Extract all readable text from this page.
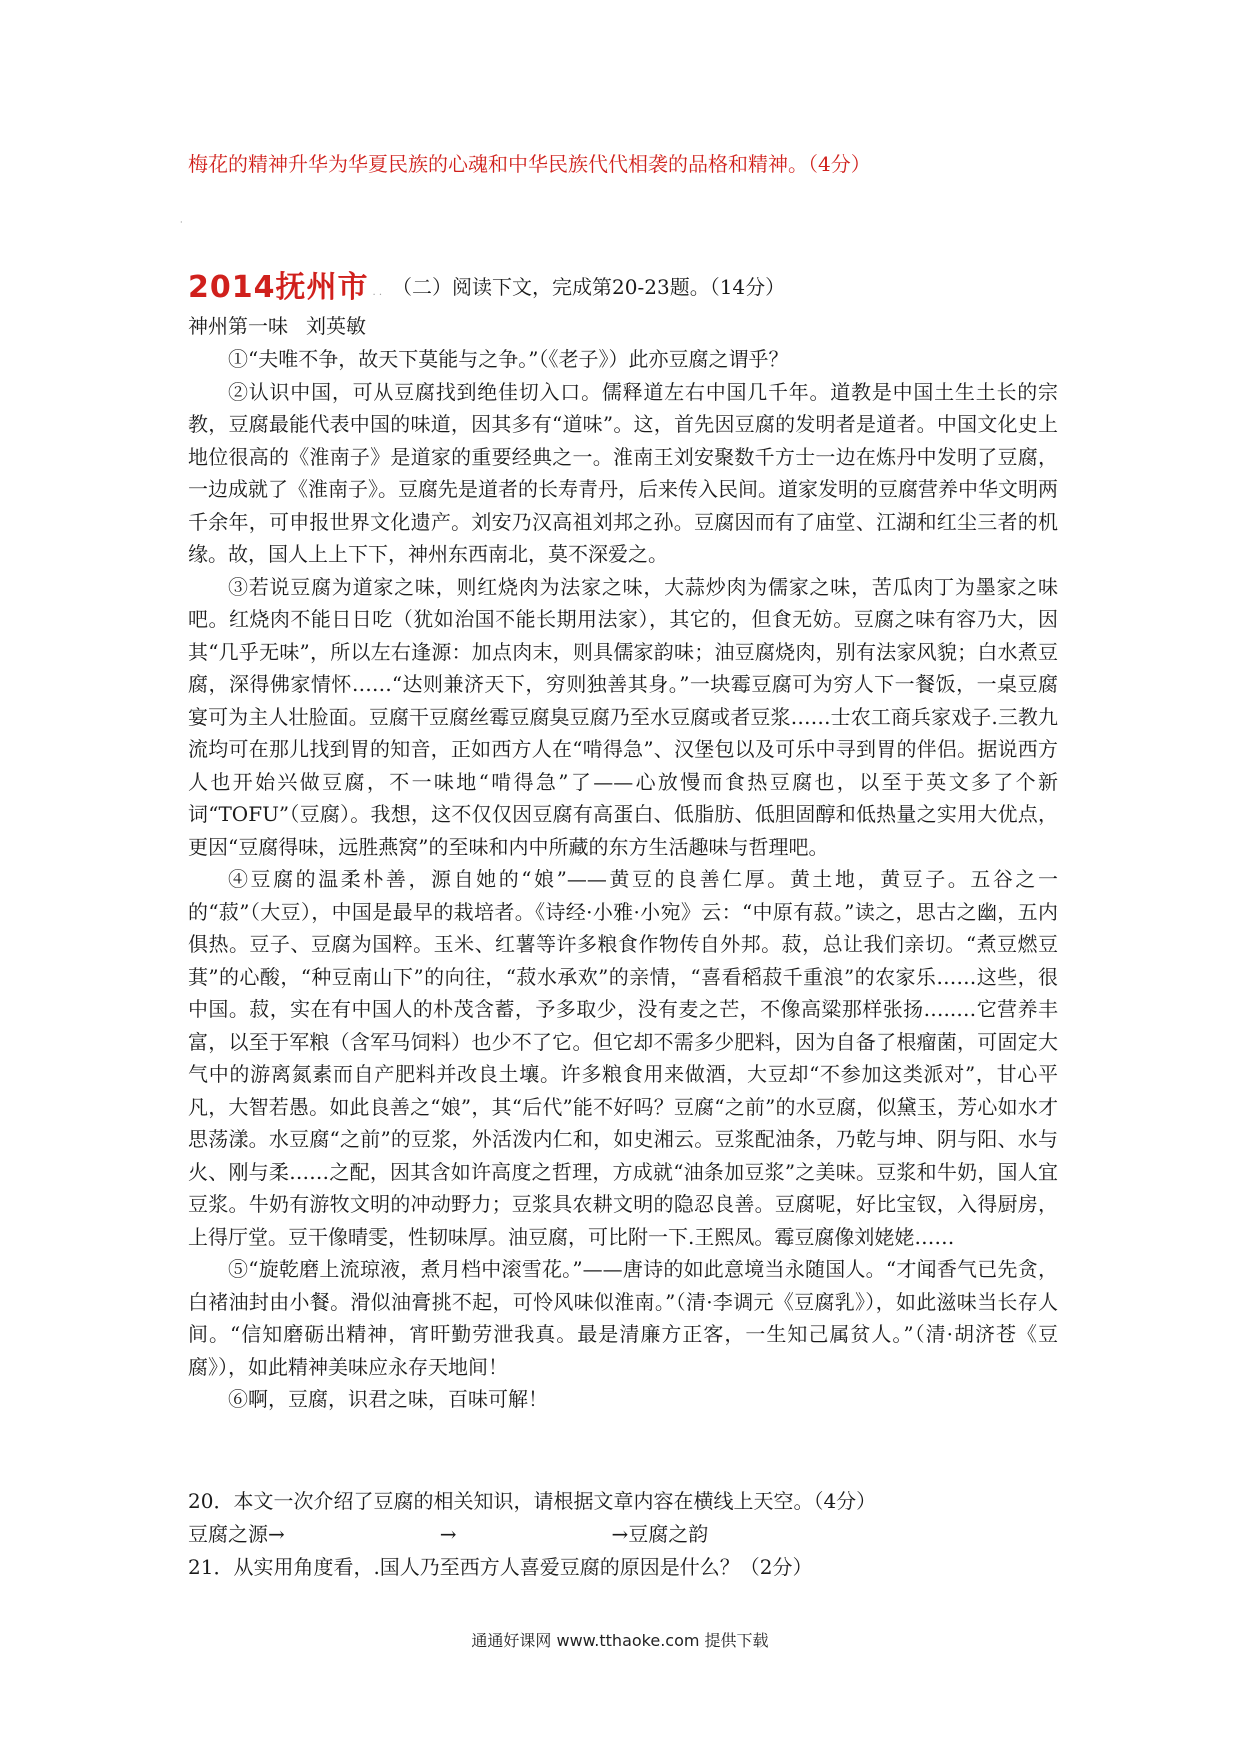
梅花的精神升华为华夏民族的心魂和中华民族代代相袭的品格和精神。（4分）
·
2014抚州市 . . （二）阅读下文，完成第20-23题。（14分）
神州第一味 刘英敏

①“夫唯不争，故天下莫能与之争。”（《老子》）此亦豆腐之谓乎？

②认识中国，可从豆腐找到绝佳切入口。儒释道左右中国几千年。道教是中国土生土长的宗教，豆腐最能代表中国的味道，因其多有“道味”。这，首先因豆腐的发明者是道者。中国文化史上地位很高的《淮南子》是道家的重要经典之一。淮南王刘安聚数千方士一边在炼丹中发明了豆腐，一边成就了《淮南子》。豆腐先是道者的长寿青丹，后来传入民间。道家发明的豆腐营养中华文明两千余年，可申报世界文化遗产。刘安乃汉高祖刘邦之孙。豆腐因而有了庙堂、江湖和红尘三者的机缘。故，国人上上下下，神州东西南北，莫不深爱之。

③若说豆腐为道家之味，则红烧肉为法家之味，大蒜炒肉为儒家之味，苦瓜肉丁为墨家之味吧。红烧肉不能日日吃（犹如治国不能长期用法家），其它的，但食无妨。豆腐之味有容乃大，因其“几乎无味”，所以左右逢源：加点肉末，则具儒家韵味；油豆腐烧肉，别有法家风貌；白水煮豆腐，深得佛家情怀……“达则兼济天下，穷则独善其身。”一块霉豆腐可为穷人下一餐饭，一桌豆腐宴可为主人壮脸面。豆腐干豆腐丝霉豆腐臭豆腐乃至水豆腐或者豆浆……士农工商兵家戏子.三教九流均可在那儿找到胃的知音，正如西方人在“啃得急”、汉堡包以及可乐中寻到胃的伴侣。据说西方人也开始兴做豆腐，不一味地“啃得急”了——心放慢而食热豆腐也，以至于英文多了个新词“TOFU”（豆腐）。我想，这不仅仅因豆腐有高蛋白、低脂肪、低胆固醇和低热量之实用大优点，更因“豆腐得味，远胜燕窝”的至味和内中所藏的东方生活趣味与哲理吧。

④豆腐的温柔朴善，源自她的“娘”——黄豆的良善仁厚。黄土地，黄豆子。五谷之一的“菽”（大豆），中国是最早的栽培者。《诗经·小雅·小宛》云：“中原有菽。”读之，思古之幽，五内俱热。豆子、豆腐为国粹。玉米、红薯等许多粮食作物传自外邦。菽，总让我们亲切。“煮豆燃豆萁”的心酸，“种豆南山下”的向往，“菽水承欢”的亲情，“喜看稻菽千重浪”的农家乐……这些，很中国。菽，实在有中国人的朴茂含蓄，予多取少，没有麦之芒，不像高粱那样张扬…..…它营养丰富，以至于军粮（含军马饲料）也少不了它。但它却不需多少肥料，因为自备了根瘤菌，可固定大气中的游离氮素而自产肥料并改良土壤。许多粮食用来做酒，大豆却“不参加这类派对”，甘心平凡，大智若愚。如此良善之“娘”，其“后代”能不好吗？豆腐“之前”的水豆腐，似黛玉，芳心如水才思荡漾。水豆腐“之前”的豆浆，外活泼内仁和，如史湘云。豆浆配油条，乃乾与坤、阴与阳、水与火、刚与柔……之配，因其含如许高度之哲理，方成就“油条加豆浆”之美味。豆浆和牛奶，国人宜豆浆。牛奶有游牧文明的冲动野力；豆浆具农耕文明的隐忍良善。豆腐呢，好比宝钗，入得厨房，上得厅堂。豆干像晴雯，性韧味厚。油豆腐，可比附一下.王熙凤。霉豆腐像刘姥姥……

⑤“旋乾磨上流琼液，煮月档中滚雪花。”——唐诗的如此意境当永随国人。“才闻香气已先贪，白褚油封由小餐。滑似油膏挑不起，可怜风味似淮南。”（清·李调元《豆腐乳》），如此滋味当长存人间。“信知磨砺出精神，宵旰勤劳泄我真。最是清廉方正客，一生知己属贫人。”（清·胡济苍《豆腐》），如此精神美味应永存天地间！

⑥啊，豆腐，识君之味，百味可解！

20．本文一次介绍了豆腐的相关知识，请根据文章内容在横线上天空。（4分）
豆腐之源→	→	→豆腐之韵
21．从实用角度看，.国人乃至西方人喜爱豆腐的原因是什么？（2分）
通通好课网 www.tthaoke.com 提供下载
